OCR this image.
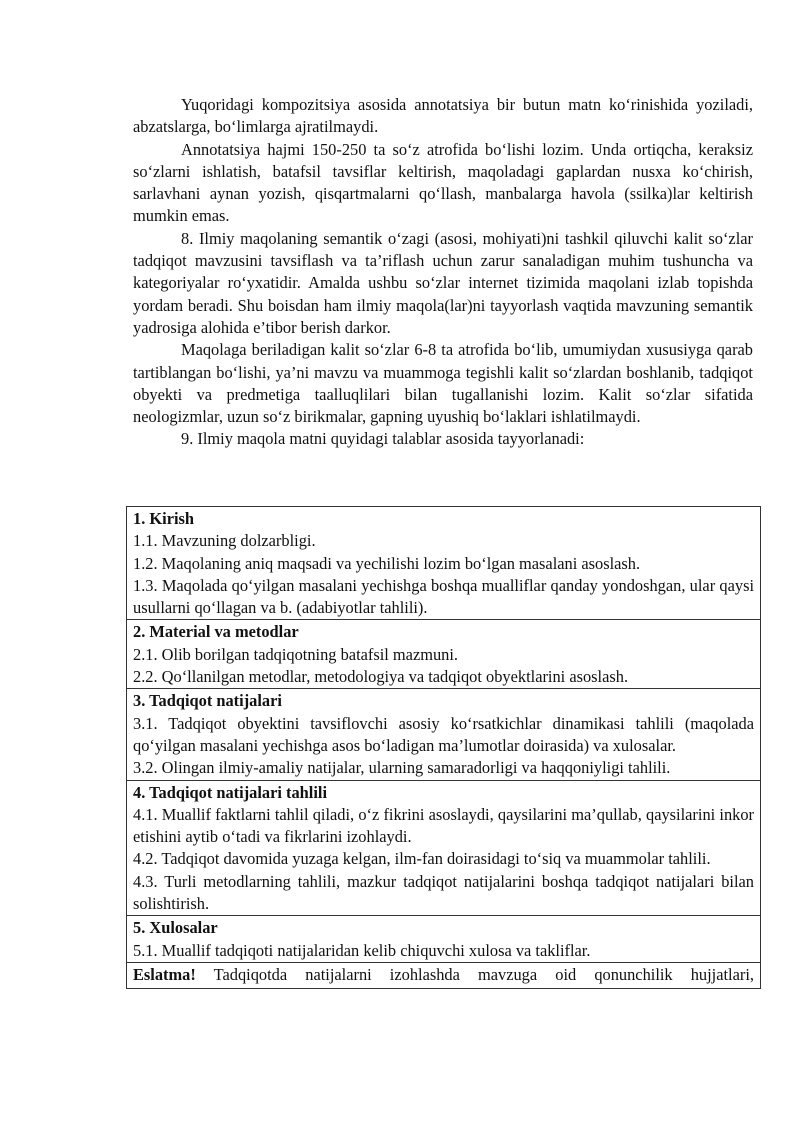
Yuqoridagi kompozitsiya asosida annotatsiya bir butun matn ko‘rinishida yoziladi, abzatslarga, bo‘limlarga ajratilmaydi.

Annotatsiya hajmi 150-250 ta so‘z atrofida bo‘lishi lozim. Unda ortiqcha, keraksiz so‘zlarni ishlatish, batafsil tavsiflar keltirish, maqoladagi gaplardan nusxa ko‘chirish, sarlavhani aynan yozish, qisqartmalarni qo‘llash, manbalarga havola (ssilka)lar keltirish mumkin emas.

8. Ilmiy maqolaning semantik o‘zagi (asosi, mohiyati)ni tashkil qiluvchi kalit so‘zlar tadqiqot mavzusini tavsiflash va ta’riflash uchun zarur sanaladigan muhim tushuncha va kategoriyalar ro‘yxatidir. Amalda ushbu so‘zlar internet tizimida maqolani izlab topishda yordam beradi. Shu boisdan ham ilmiy maqola(lar)ni tayyorlash vaqtida mavzuning semantik yadrosiga alohida e’tibor berish darkor.

Maqolaga beriladigan kalit so‘zlar 6-8 ta atrofida bo‘lib, umumiydan xususiyga qarab tartiblangan bo‘lishi, ya’ni mavzu va muammoga tegishli kalit so‘zlardan boshlanib, tadqiqot obyekti va predmetiga taalluqlilari bilan tugallanishi lozim. Kalit so‘zlar sifatida neologizmlar, uzun so‘z birikmalar, gapning uyushiq bo‘laklari ishlatilmaydi.

9. Ilmiy maqola matni quyidagi talablar asosida tayyorlanadi:

1. Kirish
1.1. Mavzuning dolzarbligi.
1.2. Maqolaning aniq maqsadi va yechilishi lozim bo‘lgan masalani asoslash.
1.3. Maqolada qo‘yilgan masalani yechishga boshqa mualliflar qanday yondoshgan, ular qaysi usullarni qo‘llagan va b. (adabiyotlar tahlili).
2. Material va metodlar
2.1. Olib borilgan tadqiqotning batafsil mazmuni.
2.2. Qo‘llanilgan metodlar, metodologiya va tadqiqot obyektlarini asoslash.
3. Tadqiqot natijalari
3.1. Tadqiqot obyektini tavsiflovchi asosiy ko‘rsatkichlar dinamikasi tahlili (maqolada qo‘yilgan masalani yechishga asos bo‘ladigan ma’lumotlar doirasida) va xulosalar.
3.2. Olingan ilmiy-amaliy natijalar, ularning samaradorligi va haqqoniyligi tahlili.
4. Tadqiqot natijalari tahlili
4.1. Muallif faktlarni tahlil qiladi, o‘z fikrini asoslaydi, qaysilarini ma’qullab, qaysilarini inkor etishini aytib o‘tadi va fikrlarini izohlaydi.
4.2. Tadqiqot davomida yuzaga kelgan, ilm-fan doirasidagi to‘siq va muammolar tahlili.
4.3. Turli metodlarning tahlili, mazkur tadqiqot natijalarini boshqa tadqiqot natijalari bilan solishtirish.
5. Xulosalar
5.1. Muallif tadqiqoti natijalaridan kelib chiquvchi xulosa va takliflar.
Eslatma! Tadqiqotda natijalarni izohlashda mavzuga oid qonunchilik hujjatlari,
